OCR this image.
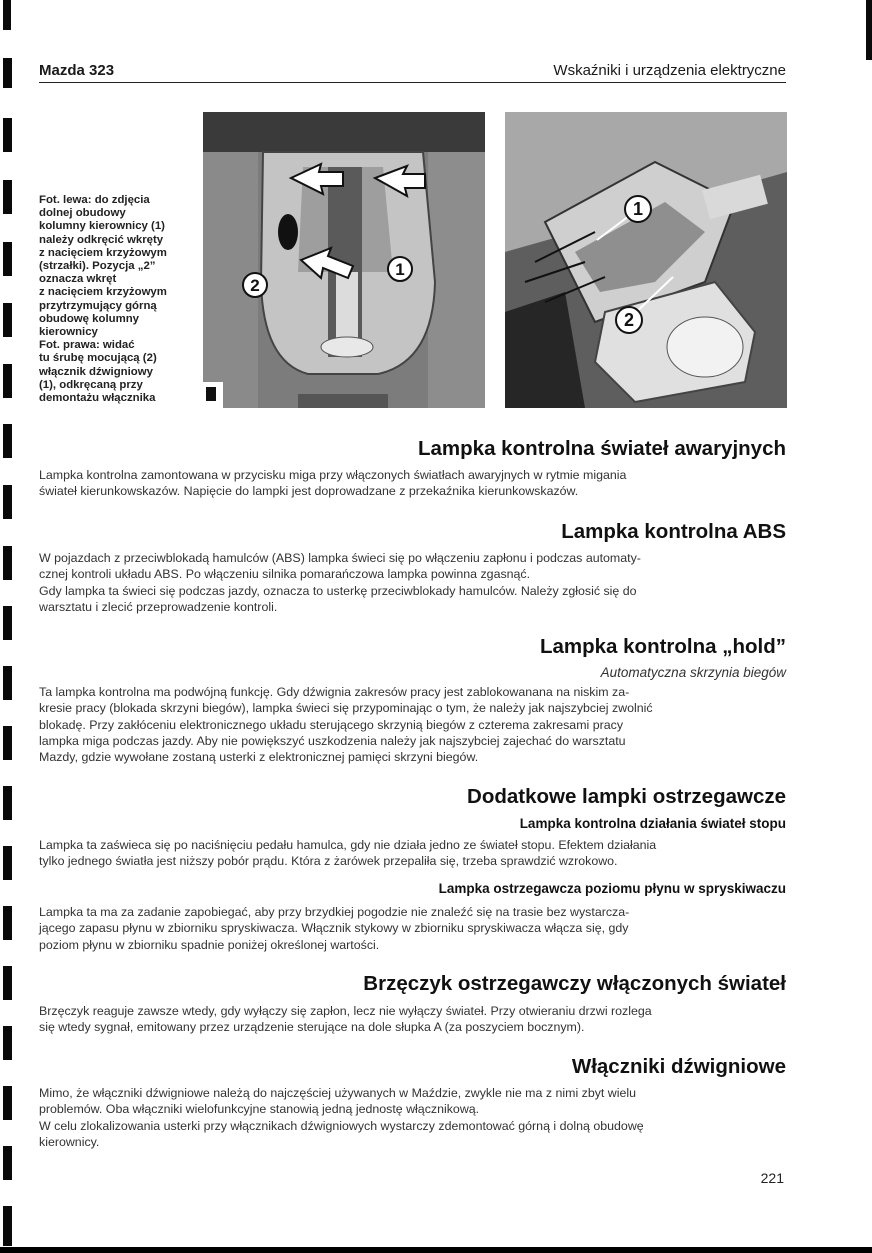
Mazda 323	Wskaźniki i urządzenia elektryczne
Fot. lewa: do zdjęcia
dolnej obudowy
kolumny kierownicy (1)
należy odkręcić wkręty
z nacięciem krzyżowym
(strzałki). Pozycja „2”
oznacza wkręt
z nacięciem krzyżowym
przytrzymujący górną
obudowę kolumny
kierownicy
Fot. prawa: widać
tu śrubę mocującą (2)
włącznik dźwigniowy
(1), odkręcaną przy
demontażu włącznika
1
2
1
2
Lampka kontrolna świateł awaryjnych
Lampka kontrolna zamontowana w przycisku miga przy włączonych światłach awaryjnych w rytmie migania
świateł kierunkowskazów. Napięcie do lampki jest doprowadzane z przekaźnika kierunkowskazów.
Lampka kontrolna ABS
W pojazdach z przeciwblokadą hamulców (ABS) lampka świeci się po włączeniu zapłonu i podczas automaty-
cznej kontroli układu ABS. Po włączeniu silnika pomarańczowa lampka powinna zgasnąć.
Gdy lampka ta świeci się podczas jazdy, oznacza to usterkę przeciwblokady hamulców. Należy zgłosić się do
warsztatu i zlecić przeprowadzenie kontroli.
Lampka kontrolna „hold”
Automatyczna skrzynia biegów
Ta lampka kontrolna ma podwójną funkcję. Gdy dźwignia zakresów pracy jest zablokowanana na niskim za-
kresie pracy (blokada skrzyni biegów), lampka świeci się przypominając o tym, że należy jak najszybciej zwolnić
blokadę. Przy zakłóceniu elektronicznego układu sterującego skrzynią biegów z czterema zakresami pracy
lampka miga podczas jazdy. Aby nie powiększyć uszkodzenia należy jak najszybciej zajechać do warsztatu
Mazdy, gdzie wywołane zostaną usterki z elektronicznej pamięci skrzyni biegów.
Dodatkowe lampki ostrzegawcze
Lampka kontrolna działania świateł stopu
Lampka ta zaświeca się po naciśnięciu pedału hamulca, gdy nie działa jedno ze świateł stopu. Efektem działania
tylko jednego światła jest niższy pobór prądu. Która z żarówek przepaliła się, trzeba sprawdzić wzrokowo.
Lampka ostrzegawcza poziomu płynu w spryskiwaczu
Lampka ta ma za zadanie zapobiegać, aby przy brzydkiej pogodzie nie znaleźć się na trasie bez wystarcza-
jącego zapasu płynu w zbiorniku spryskiwacza. Włącznik stykowy w zbiorniku spryskiwacza włącza się, gdy
poziom płynu w zbiorniku spadnie poniżej określonej wartości.
Brzęczyk ostrzegawczy włączonych świateł
Brzęczyk reaguje zawsze wtedy, gdy wyłączy się zapłon, lecz nie wyłączy świateł. Przy otwieraniu drzwi rozlega
się wtedy sygnał, emitowany przez urządzenie sterujące na dole słupka A (za poszyciem bocznym).
Włączniki dźwigniowe
Mimo, że włączniki dźwigniowe należą do najczęściej używanych w Maździe, zwykle nie ma z nimi zbyt wielu
problemów. Oba włączniki wielofunkcyjne stanowią jedną jednostę włącznikową.
W celu zlokalizowania usterki przy włącznikach dźwigniowych wystarczy zdemontować górną i dolną obudowę
kierownicy.
221
